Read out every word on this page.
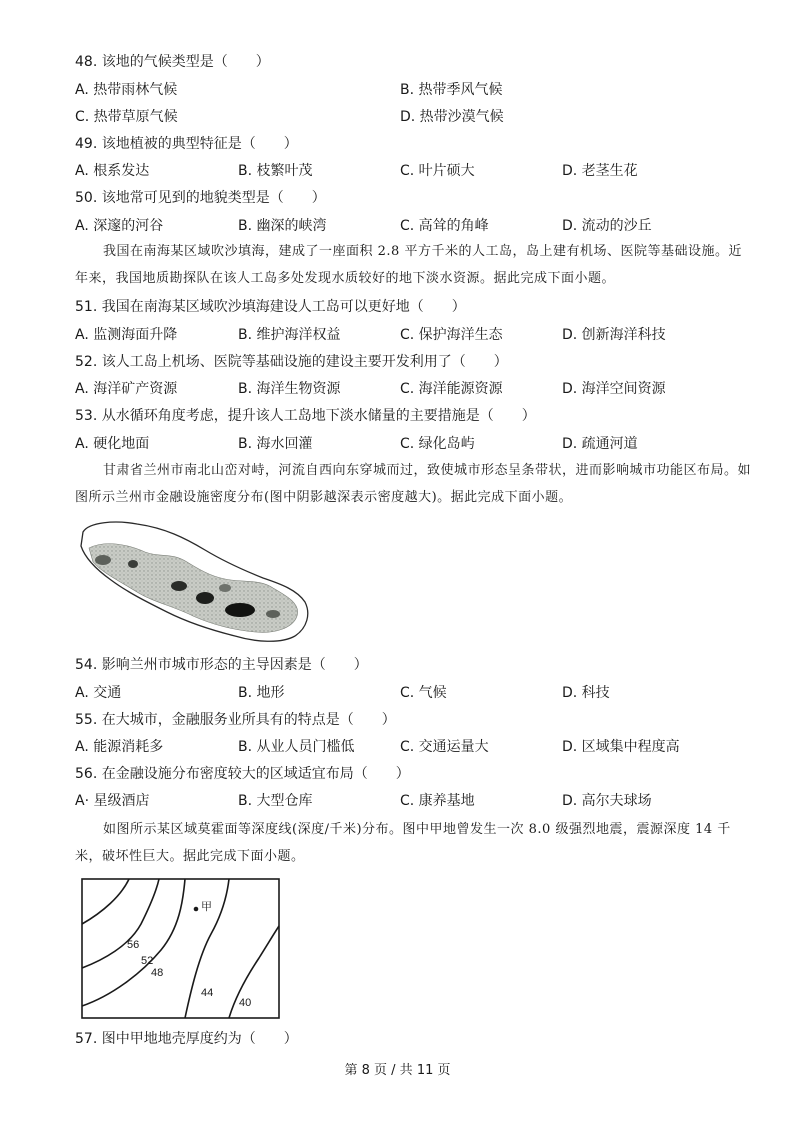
48. 该地的气候类型是（　　）
A. 热带雨林气候	B. 热带季风气候
C. 热带草原气候	D. 热带沙漠气候
49. 该地植被的典型特征是（　　）
A. 根系发达	B. 枝繁叶茂	C. 叶片硕大	D. 老茎生花
50. 该地常可见到的地貌类型是（　　）
A. 深邃的河谷	B. 幽深的峡湾	C. 高耸的角峰	D. 流动的沙丘
我国在南海某区域吹沙填海，建成了一座面积 2.8 平方千米的人工岛，岛上建有机场、医院等基础设施。近年来，我国地质勘探队在该人工岛多处发现水质较好的地下淡水资源。据此完成下面小题。
51. 我国在南海某区域吹沙填海建设人工岛可以更好地（　　）
A. 监测海面升降	B. 维护海洋权益	C. 保护海洋生态	D. 创新海洋科技
52. 该人工岛上机场、医院等基础设施的建设主要开发利用了（　　）
A. 海洋矿产资源	B. 海洋生物资源	C. 海洋能源资源	D. 海洋空间资源
53. 从水循环角度考虑，提升该人工岛地下淡水储量的主要措施是（　　）
A. 硬化地面	B. 海水回灌	C. 绿化岛屿	D. 疏通河道
甘肃省兰州市南北山峦对峙，河流自西向东穿城而过，致使城市形态呈条带状，进而影响城市功能区布局。如图所示兰州市金融设施密度分布(图中阴影越深表示密度越大)。据此完成下面小题。
54. 影响兰州市城市形态的主导因素是（　　）
A. 交通	B. 地形	C. 气候	D. 科技
55. 在大城市，金融服务业所具有的特点是（　　）
A. 能源消耗多	B. 从业人员门槛低	C. 交通运量大	D. 区域集中程度高
56. 在金融设施分布密度较大的区域适宜布局（　　）
A· 星级酒店	B. 大型仓库	C. 康养基地	D. 高尔夫球场
如图所示某区域莫霍面等深度线(深度/千米)分布。图中甲地曾发生一次 8.0 级强烈地震，震源深度 14 千米，破坏性巨大。据此完成下面小题。
甲
56
52
48
44
40
57. 图中甲地地壳厚度约为（　　）
第 8 页 / 共 11 页
